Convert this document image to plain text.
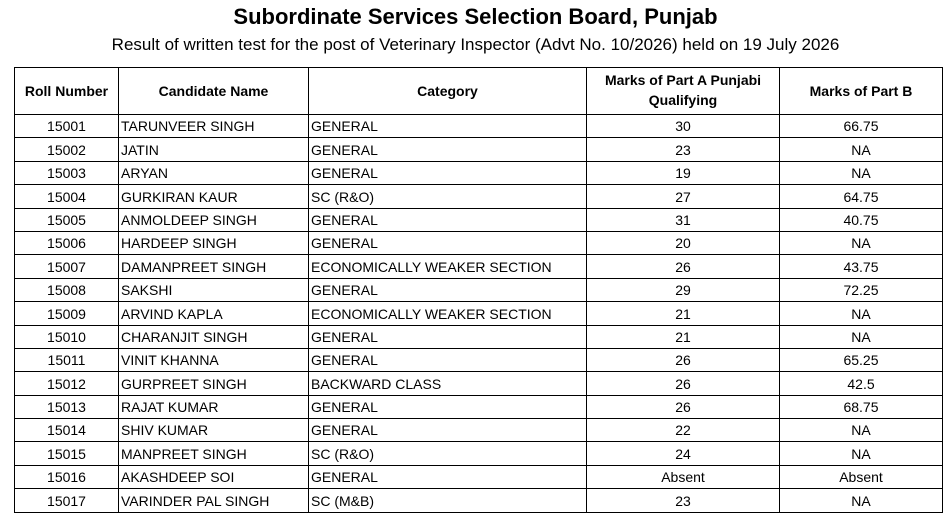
Subordinate Services Selection Board, Punjab
Result of written test for the post of Veterinary Inspector (Advt No. 10/2026) held on 19 July 2026
Roll Number	Candidate Name	Category	Marks of Part A Punjabi Qualifying	Marks of Part B
15001	TARUNVEER SINGH	GENERAL	30	66.75
15002	JATIN	GENERAL	23	NA
15003	ARYAN	GENERAL	19	NA
15004	GURKIRAN KAUR	SC (R&O)	27	64.75
15005	ANMOLDEEP SINGH	GENERAL	31	40.75
15006	HARDEEP SINGH	GENERAL	20	NA
15007	DAMANPREET SINGH	ECONOMICALLY WEAKER SECTION	26	43.75
15008	SAKSHI	GENERAL	29	72.25
15009	ARVIND KAPLA	ECONOMICALLY WEAKER SECTION	21	NA
15010	CHARANJIT SINGH	GENERAL	21	NA
15011	VINIT KHANNA	GENERAL	26	65.25
15012	GURPREET SINGH	BACKWARD CLASS	26	42.5
15013	RAJAT KUMAR	GENERAL	26	68.75
15014	SHIV KUMAR	GENERAL	22	NA
15015	MANPREET SINGH	SC (R&O)	24	NA
15016	AKASHDEEP SOI	GENERAL	Absent	Absent
15017	VARINDER PAL SINGH	SC (M&B)	23	NA
